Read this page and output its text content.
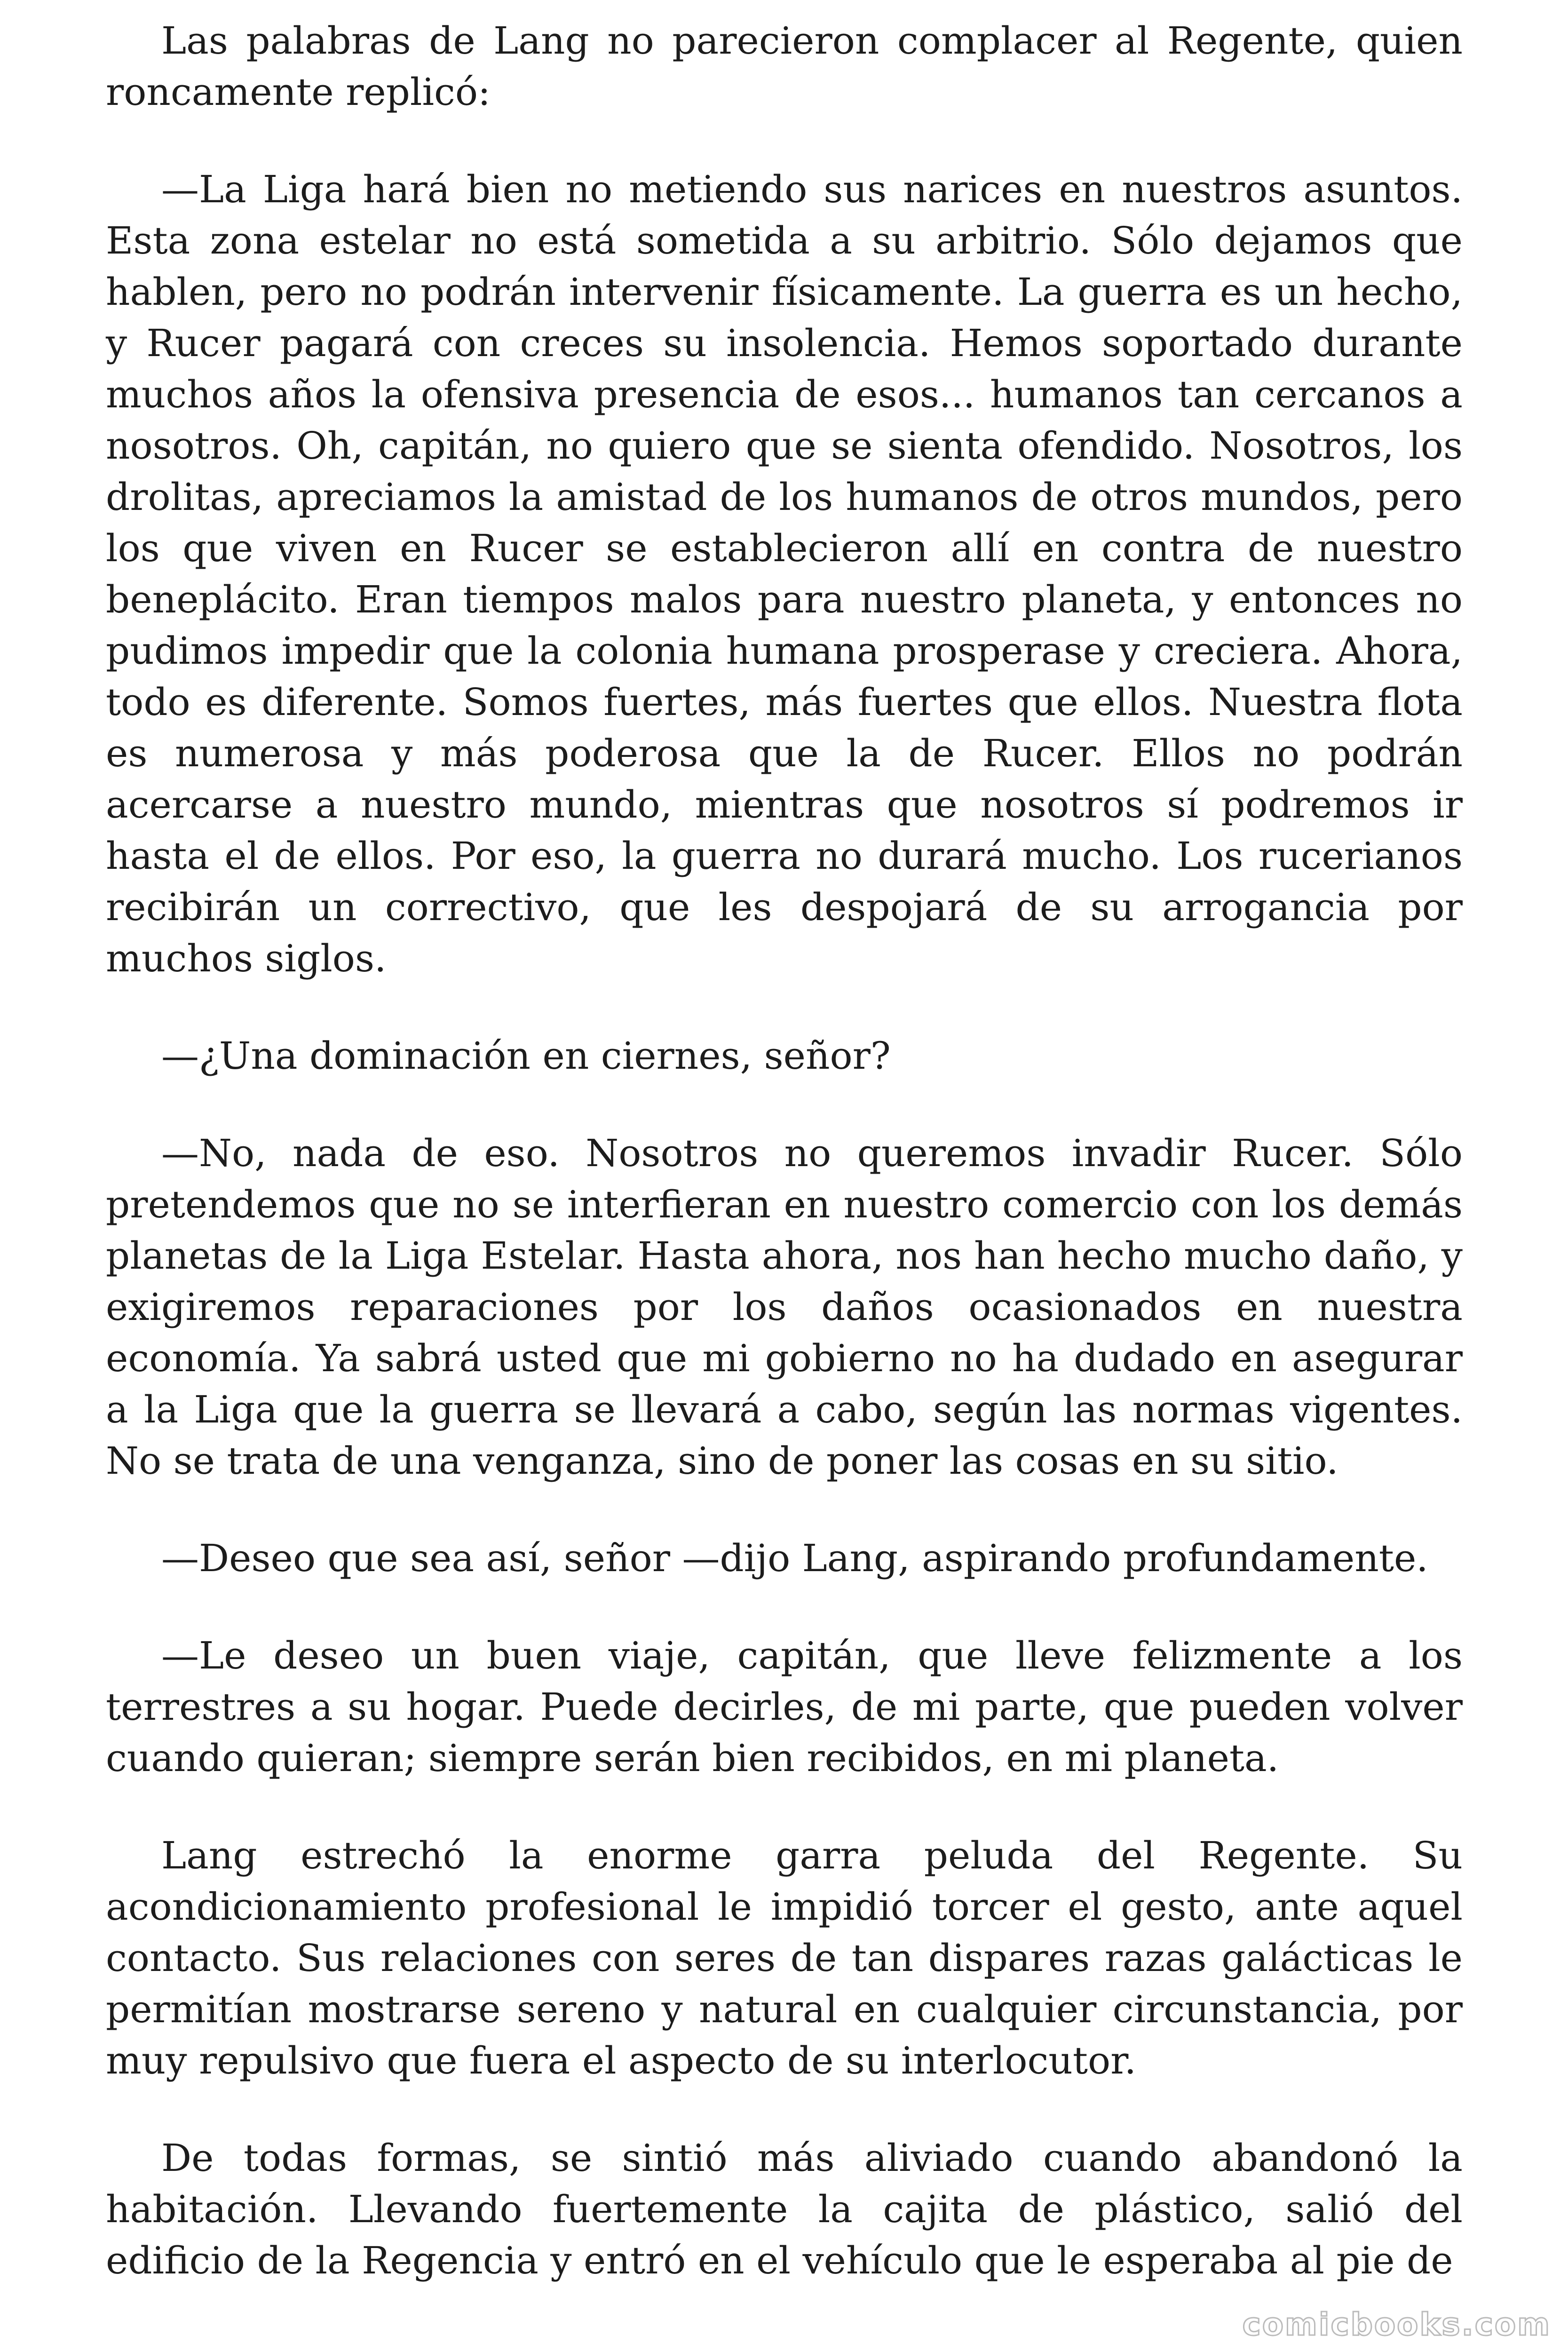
Las palabras de Lang no parecieron complacer al Regente, quien roncamente replicó:

—La Liga hará bien no metiendo sus narices en nuestros asuntos. Esta zona estelar no está sometida a su arbitrio. Sólo dejamos que hablen, pero no podrán intervenir físicamente. La guerra es un hecho, y Rucer pagará con creces su insolencia. Hemos soportado durante muchos años la ofensiva presencia de esos... humanos tan cercanos a nosotros. Oh, capitán, no quiero que se sienta ofendido. Nosotros, los drolitas, apreciamos la amistad de los humanos de otros mundos, pero los que viven en Rucer se establecieron allí en contra de nuestro beneplácito. Eran tiempos malos para nuestro planeta, y entonces no pudimos impedir que la colonia humana prosperase y creciera. Ahora, todo es diferente. Somos fuertes, más fuertes que ellos. Nuestra flota es numerosa y más poderosa que la de Rucer. Ellos no podrán acercarse a nuestro mundo, mientras que nosotros sí podremos ir hasta el de ellos. Por eso, la guerra no durará mucho. Los rucerianos recibirán un correctivo, que les despojará de su arrogancia por muchos siglos.

—¿Una dominación en ciernes, señor?

—No, nada de eso. Nosotros no queremos invadir Rucer. Sólo pretendemos que no se interfieran en nuestro comercio con los demás planetas de la Liga Estelar. Hasta ahora, nos han hecho mucho daño, y exigiremos reparaciones por los daños ocasionados en nuestra economía. Ya sabrá usted que mi gobierno no ha dudado en asegurar a la Liga que la guerra se llevará a cabo, según las normas vigentes. No se trata de una venganza, sino de poner las cosas en su sitio.

—Deseo que sea así, señor —dijo Lang, aspirando profundamente.

—Le deseo un buen viaje, capitán, que lleve felizmente a los terrestres a su hogar. Puede decirles, de mi parte, que pueden volver cuando quieran; siempre serán bien recibidos, en mi planeta.

Lang estrechó la enorme garra peluda del Regente. Su acondicionamiento profesional le impidió torcer el gesto, ante aquel contacto. Sus relaciones con seres de tan dispares razas galácticas le permitían mostrarse sereno y natural en cualquier circunstancia, por muy repulsivo que fuera el aspecto de su interlocutor.

De todas formas, se sintió más aliviado cuando abandonó la habitación. Llevando fuertemente la cajita de plástico, salió del edificio de la Regencia y entró en el vehículo que le esperaba al pie de

comicbooks.com
